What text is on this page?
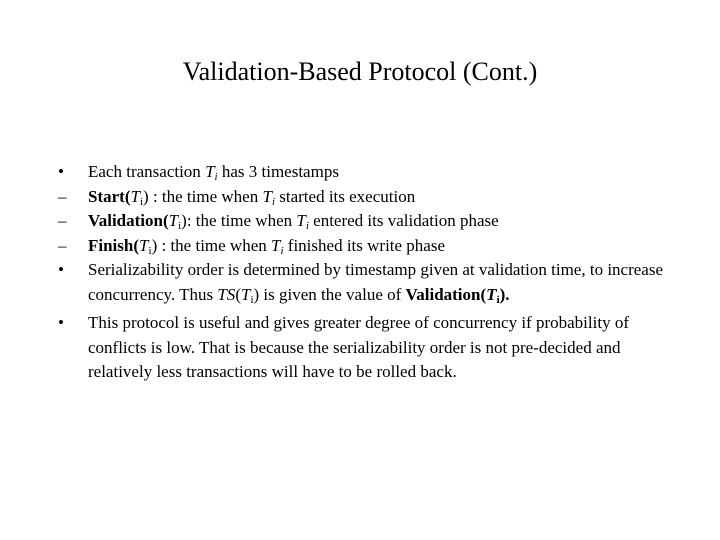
Validation-Based Protocol (Cont.)
•	Each transaction $T_i$ has 3 timestamps
–	$Start(T_i)$ : the time when $T_i$ started its execution
–	$Validation(T_i)$: the time when $T_i$ entered its validation phase
–	$Finish(T_i)$ : the time when $T_i$ finished its write phase
•	Serializability order is determined by timestamp given at validation time, to increase concurrency. Thus $TS(T_i)$ is given the value of $Validation(T_i)$.
•	This protocol is useful and gives greater degree of concurrency if probability of conflicts is low. That is because the serializability order is not pre-decided and relatively less transactions will have to be rolled back.
